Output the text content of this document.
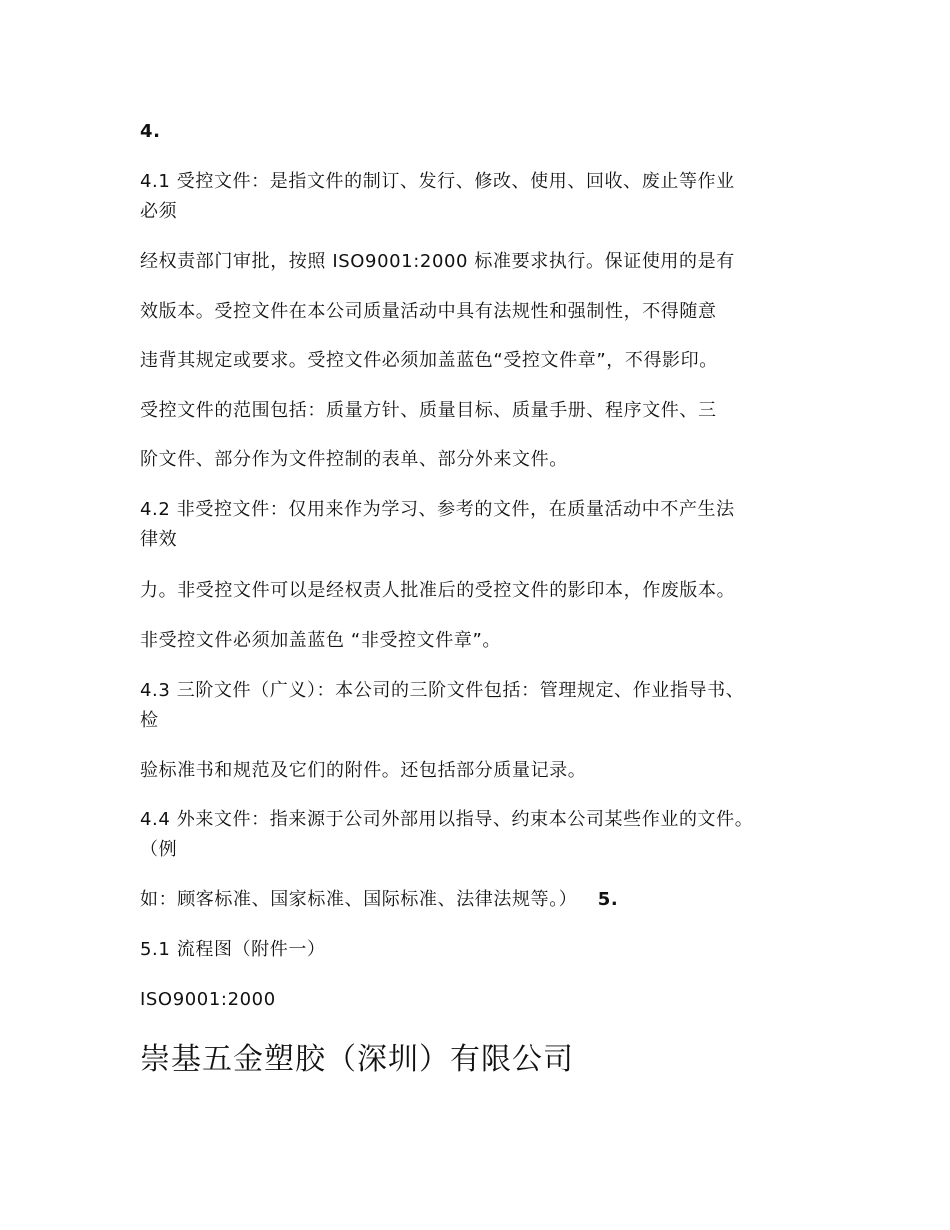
4.
4.1 受控文件：是指文件的制订、发行、修改、使用、回收、废止等作业
必须
经权责部门审批，按照 ISO9001:2000 标准要求执行。保证使用的是有
效版本。受控文件在本公司质量活动中具有法规性和强制性，不得随意
违背其规定或要求。受控文件必须加盖蓝色“受控文件章”，不得影印。
受控文件的范围包括：质量方针、质量目标、质量手册、程序文件、三
阶文件、部分作为文件控制的表单、部分外来文件。
4.2 非受控文件：仅用来作为学习、参考的文件，在质量活动中不产生法
律效
力。非受控文件可以是经权责人批准后的受控文件的影印本，作废版本。
非受控文件必须加盖蓝色 “非受控文件章”。
4.3 三阶文件（广义）：本公司的三阶文件包括：管理规定、作业指导书、
检
验标准书和规范及它们的附件。还包括部分质量记录。
4.4 外来文件：指来源于公司外部用以指导、约束本公司某些作业的文件。
（例
如：顾客标准、国家标准、国际标准、法律法规等。） 5.
5.1 流程图（附件一）
ISO9001:2000
崇基五金塑胶（深圳）有限公司
